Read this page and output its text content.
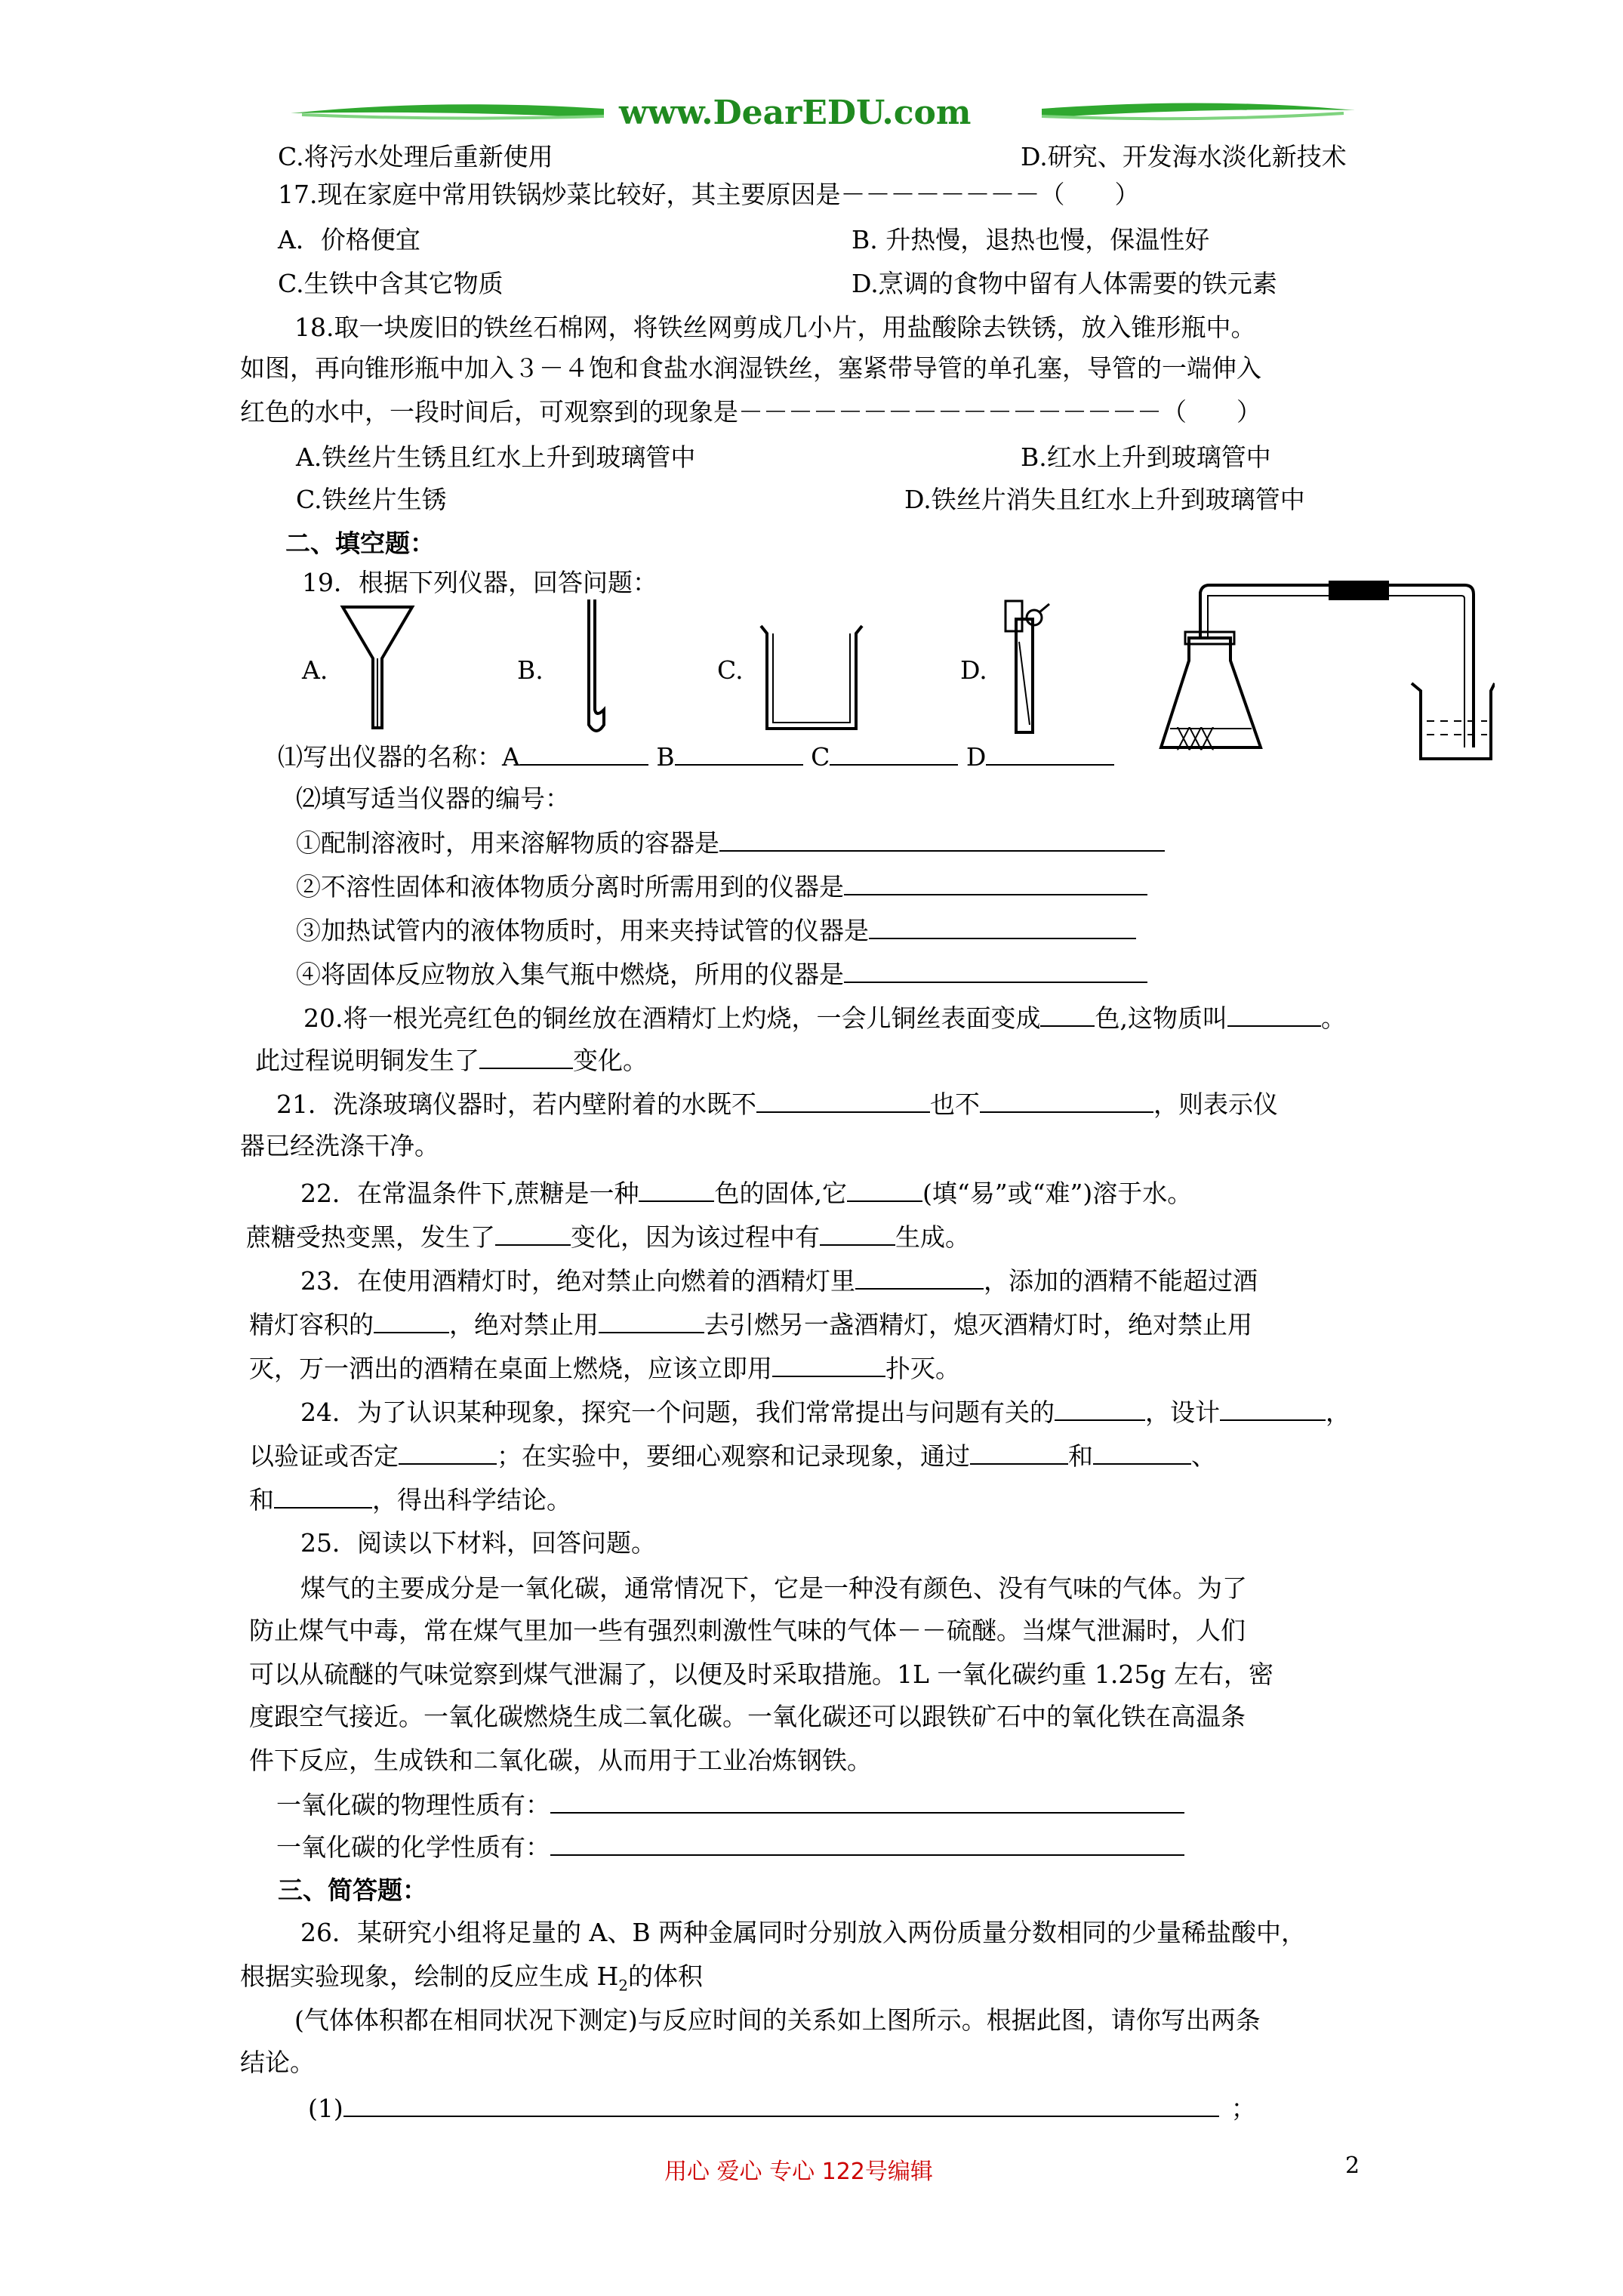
www.DearEDU.com
C.将污水处理后重新使用	D.研究、开发海水淡化新技术
17.现在家庭中常用铁锅炒菜比较好，其主要原因是－－－－－－－－（　　）
A．价格便宜	B. 升热慢，退热也慢，保温性好
C.生铁中含其它物质	D.烹调的食物中留有人体需要的铁元素
18.取一块废旧的铁丝石棉网，将铁丝网剪成几小片，用盐酸除去铁锈，放入锥形瓶中。
如图，再向锥形瓶中加入３－４饱和食盐水润湿铁丝，塞紧带导管的单孔塞，导管的一端伸入
红色的水中，一段时间后，可观察到的现象是－－－－－－－－－－－－－－－－－（　　）
A.铁丝片生锈且红水上升到玻璃管中	B.红水上升到玻璃管中
C.铁丝片生锈	D.铁丝片消失且红水上升到玻璃管中
二、填空题：
19．根据下列仪器，回答问题：
A.	B.	C.	D.
╳╳╳
⑴写出仪器的名称：A	B	C	D
⑵填写适当仪器的编号：
①配制溶液时，用来溶解物质的容器是
②不溶性固体和液体物质分离时所需用到的仪器是
③加热试管内的液体物质时，用来夹持试管的仪器是
④将固体反应物放入集气瓶中燃烧，所用的仪器是
20.将一根光亮红色的铜丝放在酒精灯上灼烧，一会儿铜丝表面变成 色,这物质叫	。
此过程说明铜发生了	变化。
21．洗涤玻璃仪器时，若内壁附着的水既不	也不	，则表示仪
器已经洗涤干净。
22．在常温条件下,蔗糖是一种	色的固体,它	(填“易”或“难”)溶于水。
蔗糖受热变黑，发生了	变化，因为该过程中有	生成。
23．在使用酒精灯时，绝对禁止向燃着的酒精灯里	，添加的酒精不能超过酒
精灯容积的	，绝对禁止用	去引燃另一盏酒精灯，熄灭酒精灯时，绝对禁止用
灭，万一洒出的酒精在桌面上燃烧，应该立即用	扑灭。
24．为了认识某种现象，探究一个问题，我们常常提出与问题有关的	，设计	，
以验证或否定	；在实验中，要细心观察和记录现象，通过	和	、
和	，得出科学结论。
25．阅读以下材料，回答问题。
煤气的主要成分是一氧化碳，通常情况下，它是一种没有颜色、没有气味的气体。为了
防止煤气中毒，常在煤气里加一些有强烈刺激性气味的气体－－硫醚。当煤气泄漏时，人们
可以从硫醚的气味觉察到煤气泄漏了，以便及时采取措施。1L 一氧化碳约重 1.25g 左右，密
度跟空气接近。一氧化碳燃烧生成二氧化碳。一氧化碳还可以跟铁矿石中的氧化铁在高温条
件下反应，生成铁和二氧化碳，从而用于工业冶炼钢铁。
一氧化碳的物理性质有：
一氧化碳的化学性质有：
三、简答题：
26．某研究小组将足量的 A、B 两种金属同时分别放入两份质量分数相同的少量稀盐酸中，
根据实验现象，绘制的反应生成 $H_2$的体积
(气体体积都在相同状况下测定)与反应时间的关系如上图所示。根据此图，请你写出两条
结论。
(1)	；
用心 爱心 专心 122号编辑	2
